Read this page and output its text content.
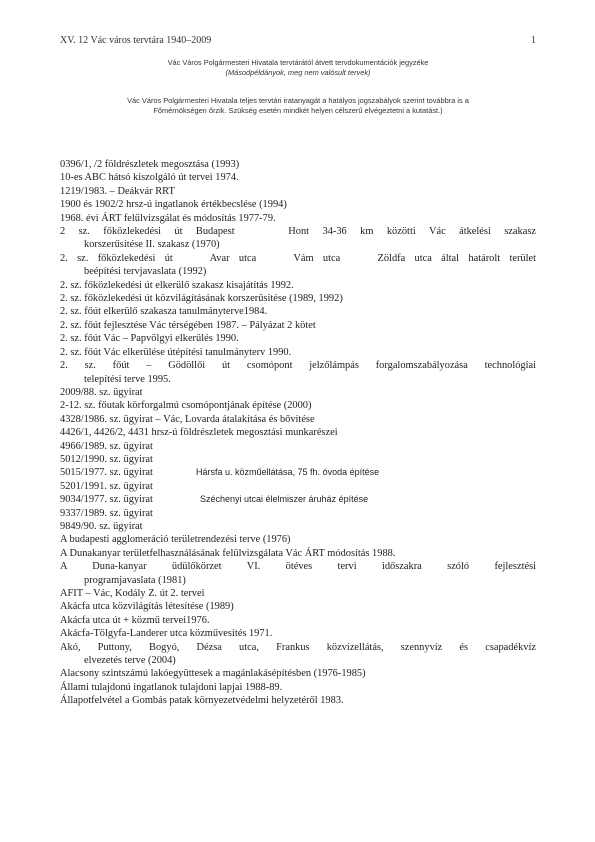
XV. 12 Vác város tervtára 1940–2009	1
Vác Város Polgármesteri Hivatala tervtárától átvett tervdokumentációk jegyzéke
(Másodpéldányok, meg nem valósult tervek)
Vác Város Polgármesteri Hivatala teljes tervtári iratanyagát a hatályos jogszabályok szerint továbbra is a
Főmérnökségen őrzik. Szükség esetén mindkét helyen célszerű elvégeztetni a kutatást.)
0396/1, /2 földrészletek megosztása (1993)
10-es ABC hátsó kiszolgáló út tervei 1974.
1219/1983. – Deákvár RRT
1900 és 1902/2 hrsz-ú ingatlanok értékbecslése (1994)
1968. évi ÁRT felülvizsgálat és módosítás 1977-79.
2 sz. főközlekedési út Budapest    Hont 34-36 km közötti Vác átkelési szakasz
korszerűsítése II. szakasz (1970)
2. sz. főközlekedési út    Avar utca    Vám utca    Zöldfa utca által határolt terület
beépítési tervjavaslata (1992)
2. sz. főközlekedési út elkerülő szakasz kisajátítás 1992.
2. sz. főközlekedési út közvilágításának korszerűsítése (1989, 1992)
2. sz. főút elkerülő szakasza tanulmányterve1984.
2. sz. főút fejlesztése Vác térségében 1987. – Pályázat 2 kötet
2. sz. főút Vác – Papvölgyi elkerülés 1990.
2. sz. főút Vác elkerülése útépítési tanulmányterv 1990.
2. sz. főút – Gödöllői út csomópont jelzőlámpás forgalomszabályozása technológiai
telepítési terve 1995.
2009/88. sz. ügyirat
2-12. sz. főutak körforgalmú csomópontjának építése (2000)
4328/1986. sz. ügyirat – Vác, Lovarda átalakítása és bővítése
4426/1, 4426/2, 4431 hrsz-ú földrészletek megosztási munkarészei
4966/1989. sz. ügyirat
5012/1990. sz. ügyirat
5015/1977. sz. ügyirat	Hársfa u. közműellátása, 75 fh. óvoda építése
5201/1991. sz. ügyirat
9034/1977. sz. ügyirat	Széchenyi utcai élelmiszer áruház építése
9337/1989. sz. ügyirat
9849/90. sz. ügyirat
A budapesti agglomeráció területrendezési terve (1976)
A Dunakanyar területfelhasználásának felülvizsgálata Vác ÁRT módosítás 1988.
A    Duna-kanyar    üdülőkörzet    VI.    ötéves    tervi    időszakra    szóló    fejlesztési
programjavaslata (1981)
AFIT – Vác, Kodály Z. út 2. tervei
Akácfa utca közvilágítás létesítése (1989)
Akácfa utca út + közmű tervei1976.
Akácfa-Tölgyfa-Landerer utca közművesítés 1971.
Akó, Puttony, Bogyó, Dézsa utca, Frankus közvízellátás, szennyvíz és csapadékvíz
elvezetés terve (2004)
Alacsony szintszámú lakóegyüttesek a magánlakásépítésben (1976-1985)
Állami tulajdonú ingatlanok tulajdoni lapjai 1988-89.
Állapotfelvétel a Gombás patak környezetvédelmi helyzetéről 1983.
